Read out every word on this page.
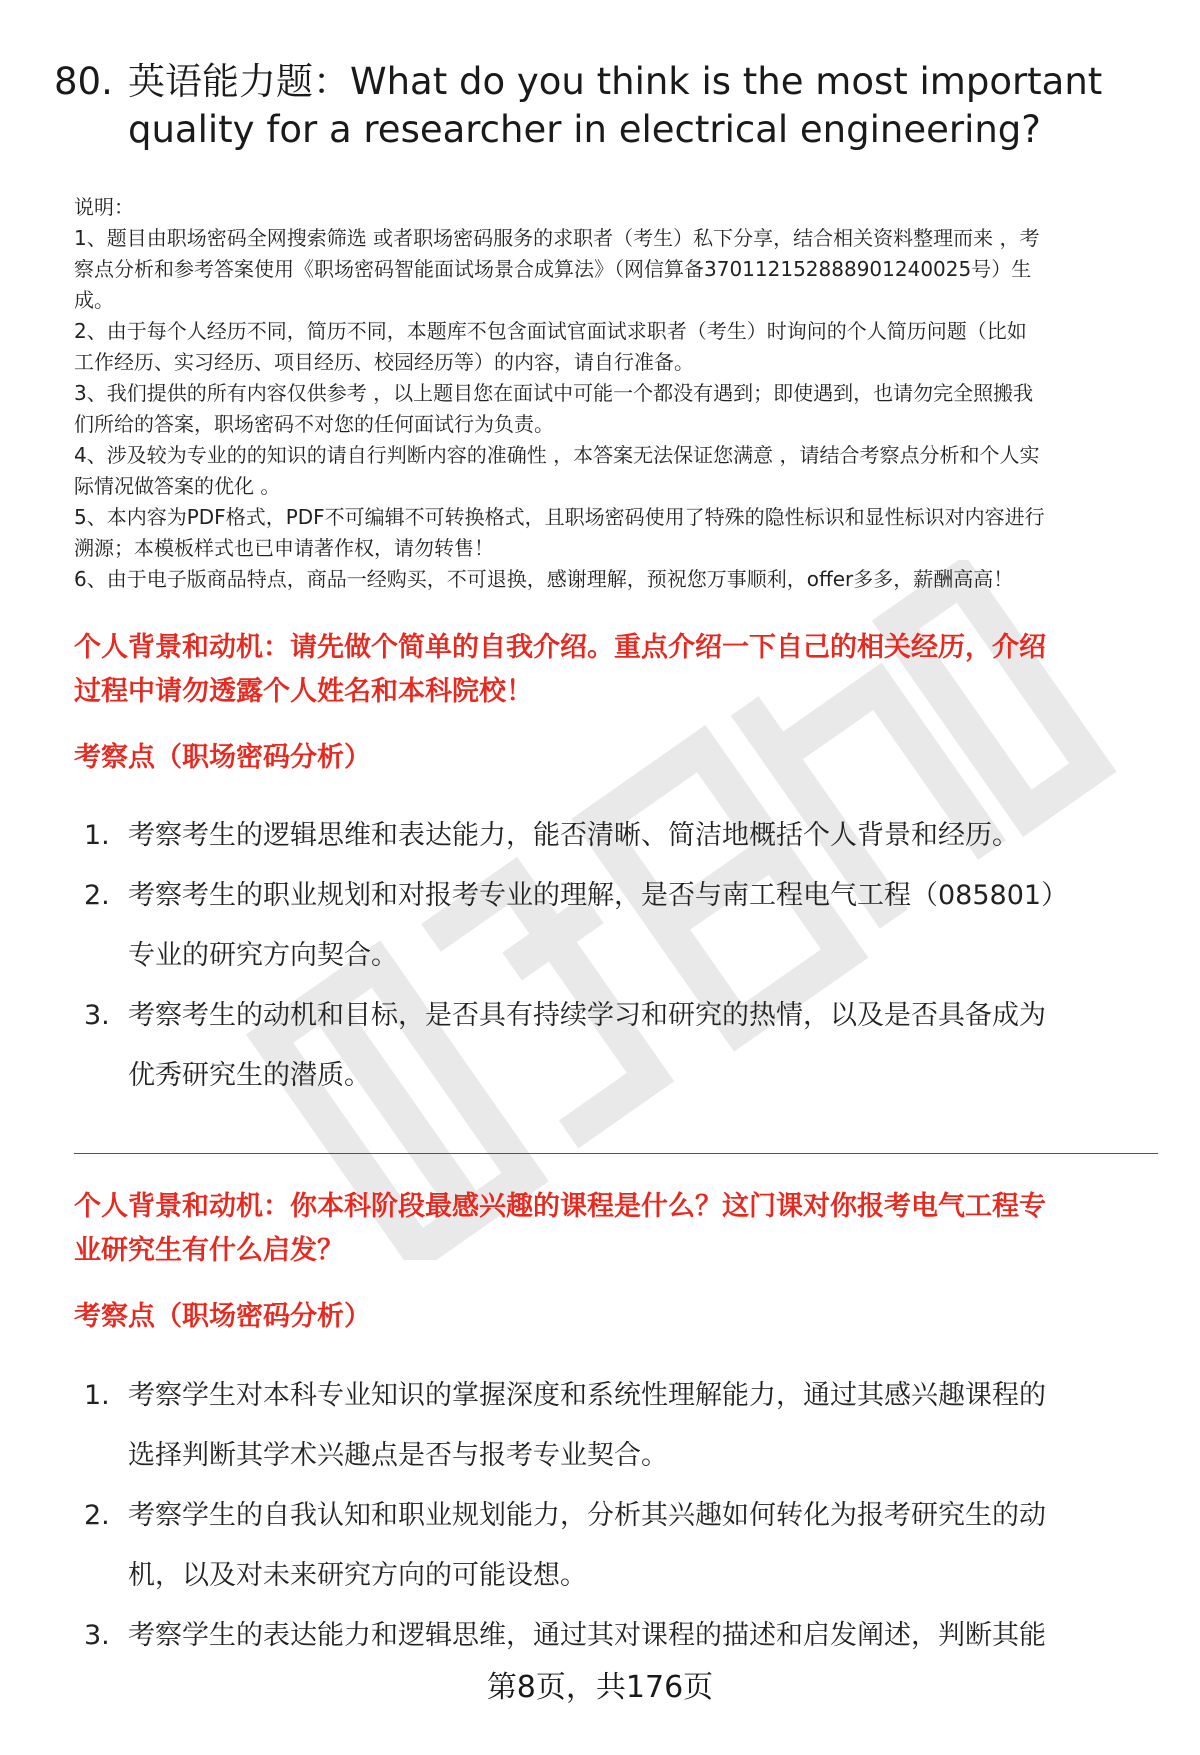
80. 英语能力题：What do you think is the most important
quality for a researcher in electrical engineering?
说明：
1、题目由职场密码全网搜索筛选 或者职场密码服务的求职者（考生）私下分享，结合相关资料整理而来 ，考
察点分析和参考答案使用《职场密码智能面试场景合成算法》（网信算备370112152888901240025号）生
成。
2、由于每个人经历不同，简历不同，本题库不包含面试官面试求职者（考生）时询问的个人简历问题（比如
工作经历、实习经历、项目经历、校园经历等）的内容，请自行准备。
3、我们提供的所有内容仅供参考 ，以上题目您在面试中可能一个都没有遇到；即使遇到，也请勿完全照搬我
们所给的答案，职场密码不对您的任何面试行为负责。
4、涉及较为专业的的知识的请自行判断内容的准确性 ，本答案无法保证您满意 ，请结合考察点分析和个人实
际情况做答案的优化 。
5、本内容为PDF格式，PDF不可编辑不可转换格式，且职场密码使用了特殊的隐性标识和显性标识对内容进行
溯源；本模板样式也已申请著作权，请勿转售！
6、由于电子版商品特点，商品一经购买，不可退换，感谢理解，预祝您万事顺利，offer多多，薪酬高高！
个人背景和动机：请先做个简单的自我介绍。重点介绍一下自己的相关经历，介绍
过程中请勿透露个人姓名和本科院校！
考察点（职场密码分析）
1. 考察考生的逻辑思维和表达能力，能否清晰、简洁地概括个人背景和经历。
2. 考察考生的职业规划和对报考专业的理解，是否与南工程电气工程（085801）
专业的研究方向契合。
3. 考察考生的动机和目标，是否具有持续学习和研究的热情，以及是否具备成为
优秀研究生的潜质。
个人背景和动机：你本科阶段最感兴趣的课程是什么？这门课对你报考电气工程专
业研究生有什么启发？
考察点（职场密码分析）
1. 考察学生对本科专业知识的掌握深度和系统性理解能力，通过其感兴趣课程的
选择判断其学术兴趣点是否与报考专业契合。
2. 考察学生的自我认知和职业规划能力，分析其兴趣如何转化为报考研究生的动
机，以及对未来研究方向的可能设想。
3. 考察学生的表达能力和逻辑思维，通过其对课程的描述和启发阐述，判断其能
第8页，共176页
